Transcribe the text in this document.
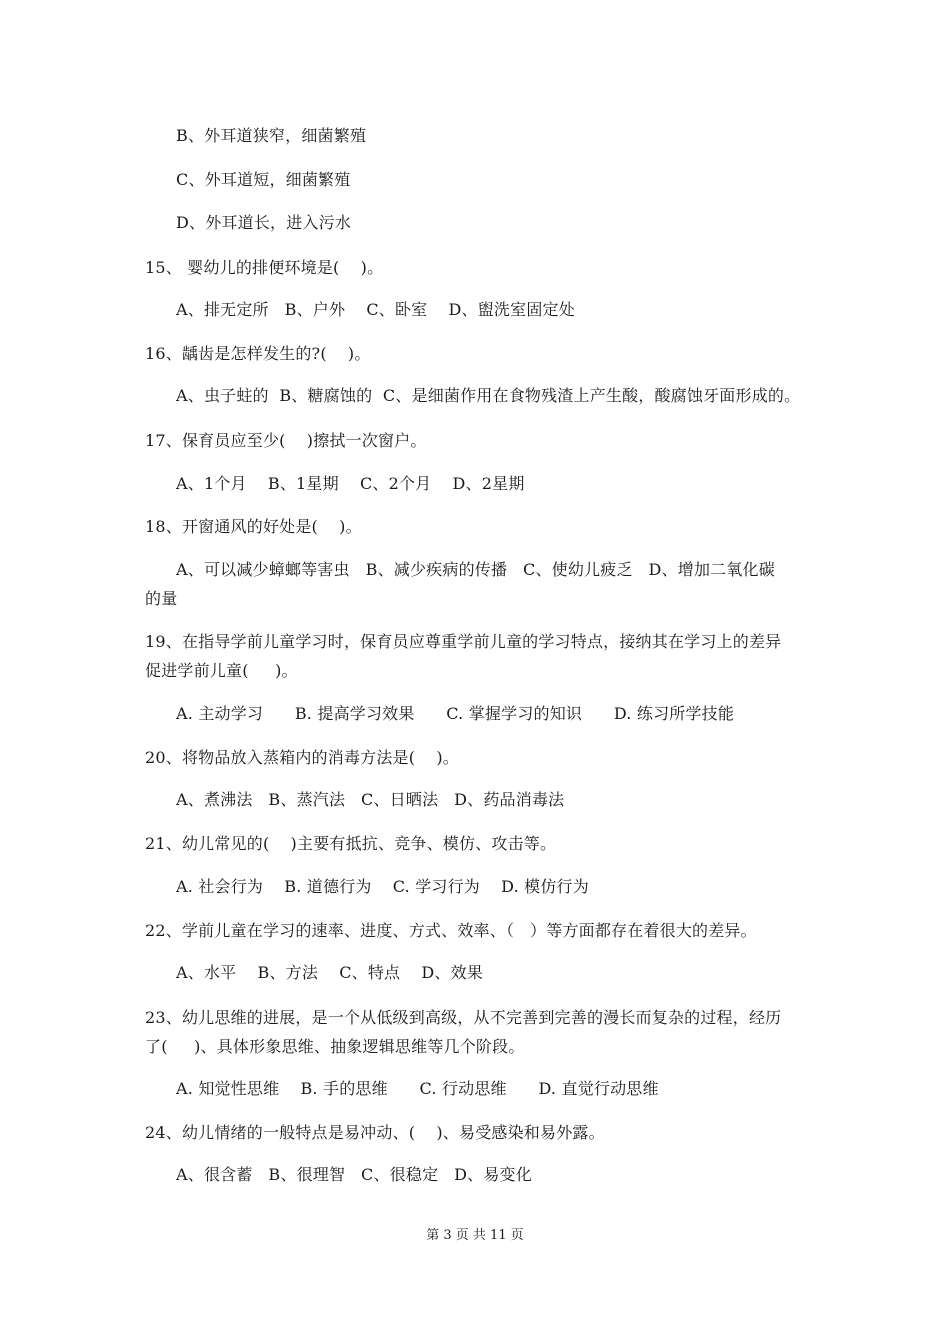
B、外耳道狭窄，细菌繁殖
C、外耳道短，细菌繁殖
D、外耳道长，进入污水
15、 婴幼儿的排便环境是(    )。
A、排无定所   B、户外    C、卧室    D、盥洗室固定处
16、龋齿是怎样发生的?(    )。
A、虫子蛀的  B、糖腐蚀的  C、是细菌作用在食物残渣上产生酸，酸腐蚀牙面形成的。
17、保育员应至少(    )擦拭一次窗户。
A、1个月    B、1星期    C、2个月    D、2星期
18、开窗通风的好处是(    )。
A、可以减少蟑螂等害虫   B、减少疾病的传播   C、使幼儿疲乏   D、增加二氧化碳
的量
19、在指导学前儿童学习时，保育员应尊重学前儿童的学习特点，接纳其在学习上的差异
促进学前儿童(     )。
A. 主动学习      B. 提高学习效果      C. 掌握学习的知识      D. 练习所学技能
20、将物品放入蒸箱内的消毒方法是(    )。
A、煮沸法   B、蒸汽法   C、日晒法   D、药品消毒法
21、幼儿常见的(    )主要有抵抗、竞争、模仿、攻击等。
A. 社会行为    B. 道德行为    C. 学习行为    D. 模仿行为
22、学前儿童在学习的速率、进度、方式、效率、（   ）等方面都存在着很大的差异。
A、水平    B、方法    C、特点    D、效果
23、幼儿思维的进展，是一个从低级到高级，从不完善到完善的漫长而复杂的过程，经历
了(     )、具体形象思维、抽象逻辑思维等几个阶段。
A. 知觉性思维    B. 手的思维      C. 行动思维      D. 直觉行动思维
24、幼儿情绪的一般特点是易冲动、(    )、易受感染和易外露。
A、很含蓄   B、很理智   C、很稳定   D、易变化
第 3 页 共 11 页
